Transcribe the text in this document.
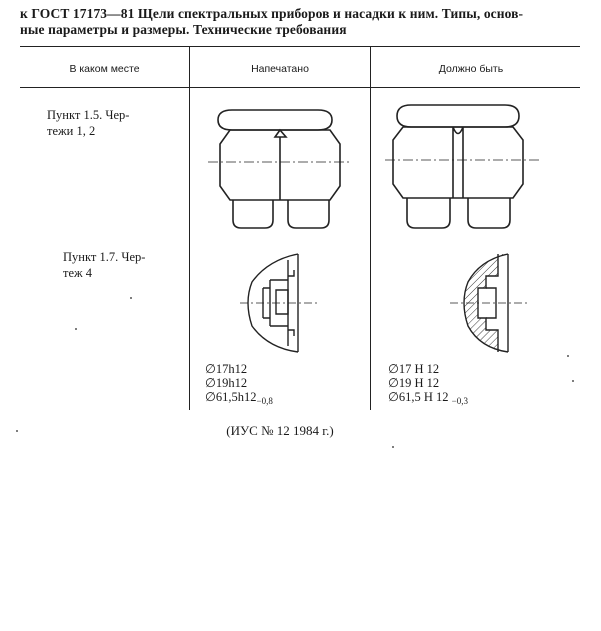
к ГОСТ 17173—81 Щели спектральных приборов и насадки к ним. Типы, основ-
ные параметры и размеры. Технические требования
В каком месте	Напечатано	Должно быть
Пункт 1.5. Чер-
тежи 1, 2
Пункт 1.7. Чер-
теж 4
∅17h12
∅19h12
$\emptyset 61,5h12_{-0,8}$
∅17 Н 12
∅19 Н 12
∅61,5 Н 12 $_{-0,3}$
(ИУС № 12 1984 г.)
